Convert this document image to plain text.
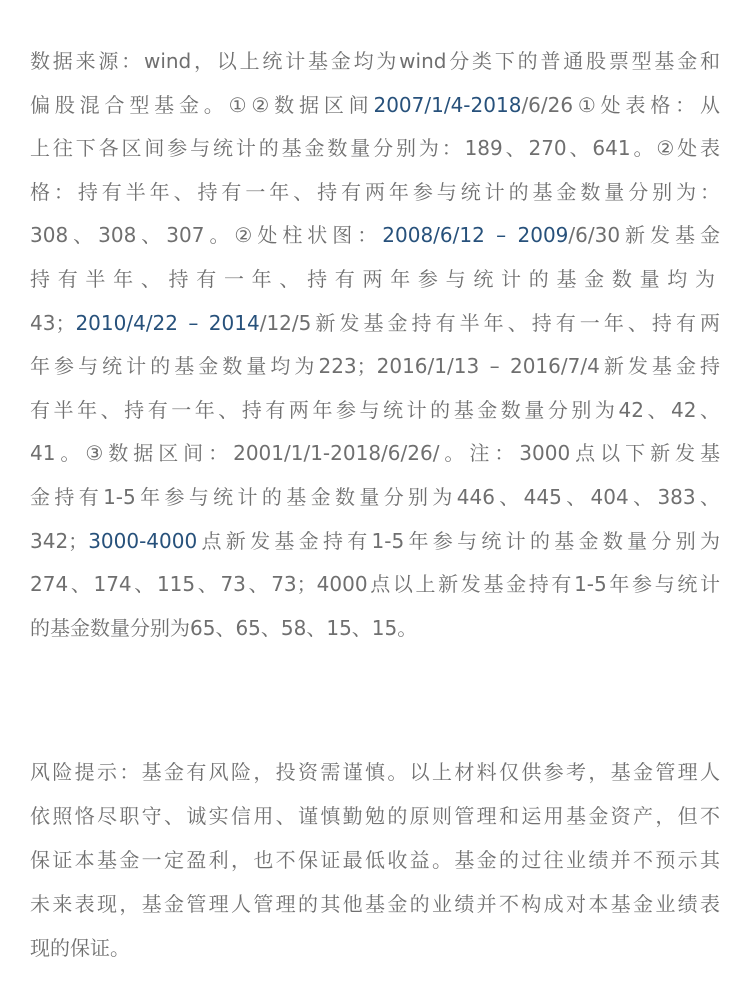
数据来源：wind，以上统计基金均为wind分类下的普通股票型基金和
偏股混合型基金。①②数据区间2007/1/4-2018/6/26①处表格：从
上往下各区间参与统计的基金数量分别为：189、270、641。②处表
格：持有半年、持有一年、持有两年参与统计的基金数量分别为：
308、308、307。②处柱状图：2008/6/12 – 2009/6/30新发基金
持有半年、持有一年、持有两年参与统计的基金数量均为
43；2010/4/22 – 2014/12/5新发基金持有半年、持有一年、持有两
年参与统计的基金数量均为223；2016/1/13 – 2016/7/4新发基金持
有半年、持有一年、持有两年参与统计的基金数量分别为42、42、
41。③数据区间：2001/1/1-2018/6/26/。注：3000点以下新发基
金持有1-5年参与统计的基金数量分别为446、445、404、383、
342；3000-4000点新发基金持有1-5年参与统计的基金数量分别为
274、174、115、73、73；4000点以上新发基金持有1-5年参与统计
的基金数量分别为65、65、58、15、15。
风险提示：基金有风险，投资需谨慎。以上材料仅供参考，基金管理人
依照恪尽职守、诚实信用、谨慎勤勉的原则管理和运用基金资产，但不
保证本基金一定盈利，也不保证最低收益。基金的过往业绩并不预示其
未来表现，基金管理人管理的其他基金的业绩并不构成对本基金业绩表
现的保证。
